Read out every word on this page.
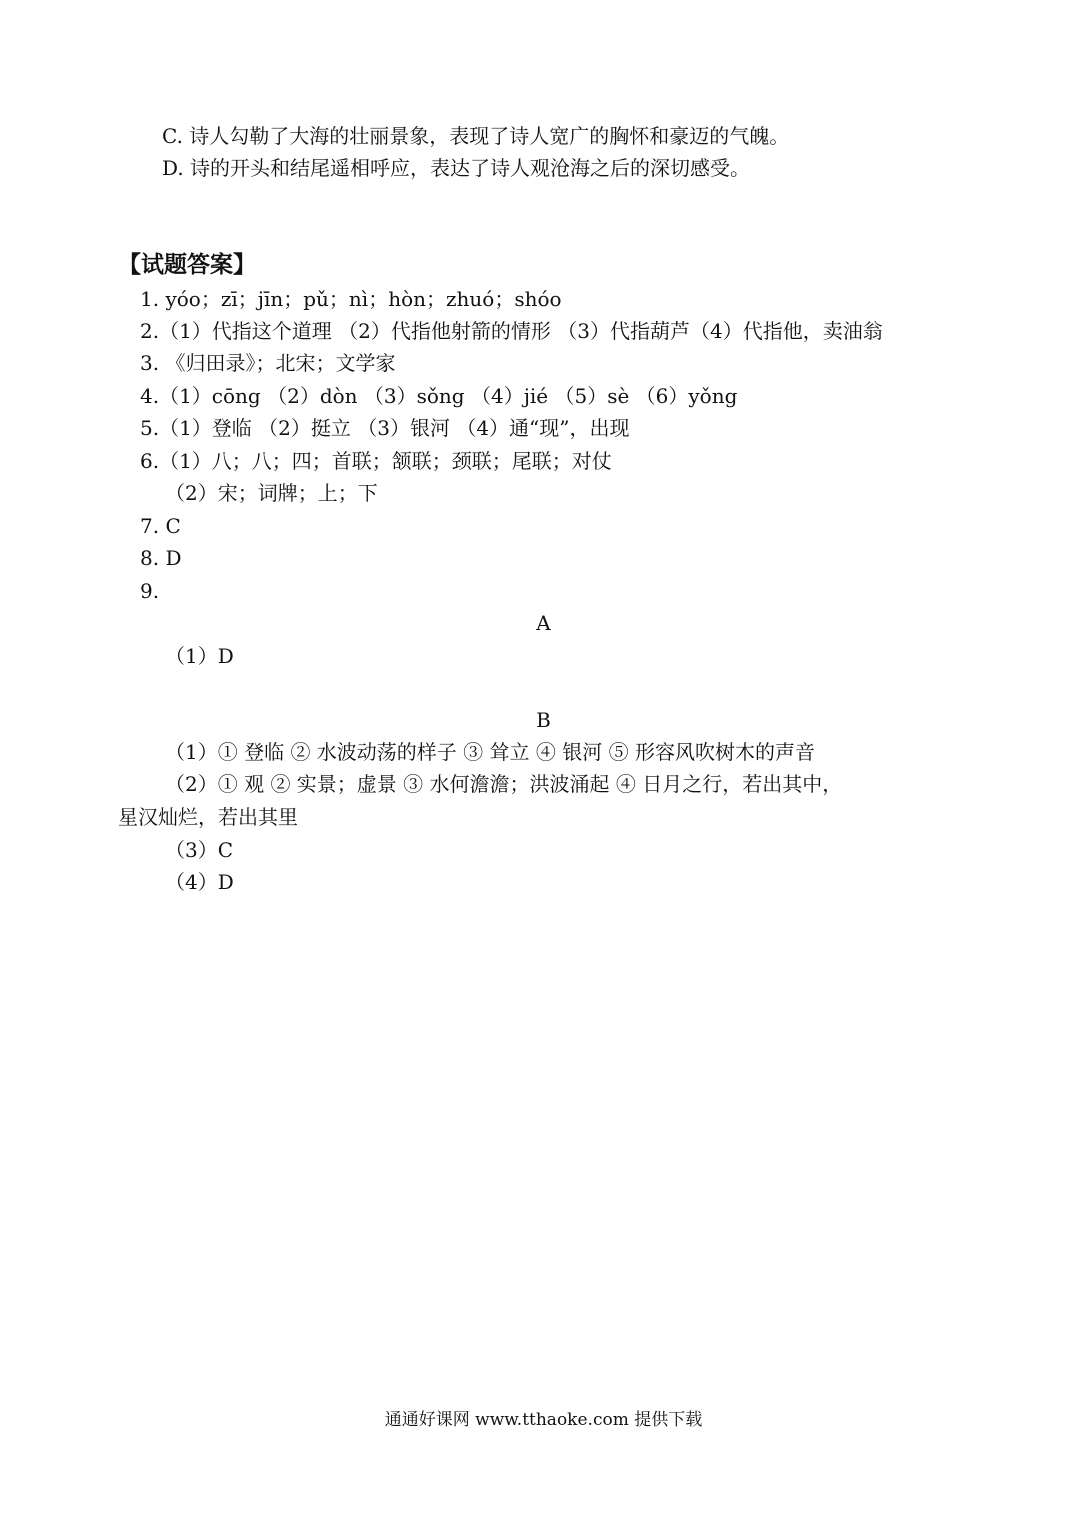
C. 诗人勾勒了大海的壮丽景象，表现了诗人宽广的胸怀和豪迈的气魄。
D. 诗的开头和结尾遥相呼应，表达了诗人观沧海之后的深切感受。
【试题答案】
1. yóo；zī；jīn；pǔ；nì；hòn；zhuó；shóo
2.（1）代指这个道理 （2）代指他射箭的情形 （3）代指葫芦（4）代指他，卖油翁
3. 《归田录》；北宋；文学家
4.（1）cōng （2）dòn （3）sǒng （4）jié （5）sè （6）yǒng
5.（1）登临 （2）挺立 （3）银河 （4）通“现”，出现
6.（1）八；八；四；首联；颔联；颈联；尾联；对仗
（2）宋；词牌；上；下
7. C
8. D
9.
A
（1）D
B
（1）① 登临 ② 水波动荡的样子 ③ 耸立 ④ 银河 ⑤ 形容风吹树木的声音
（2）① 观 ② 实景；虚景 ③ 水何澹澹；洪波涌起 ④ 日月之行，若出其中，
星汉灿烂，若出其里
（3）C
（4）D
通通好课网 www.tthaoke.com 提供下载
